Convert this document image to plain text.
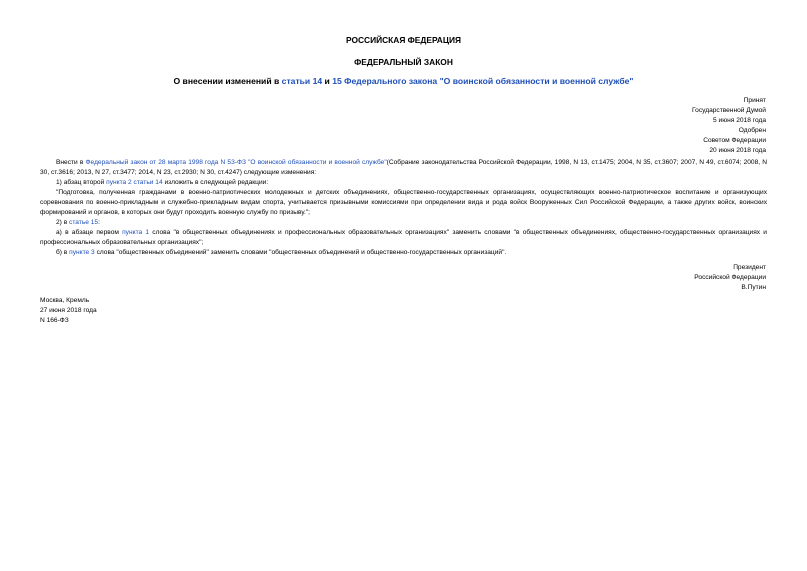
РОССИЙСКАЯ ФЕДЕРАЦИЯ
ФЕДЕРАЛЬНЫЙ ЗАКОН
О внесении изменений в статьи 14 и 15 Федерального закона "О воинской обязанности и военной службе"
Принят
Государственной Думой
5 июня 2018 года
Одобрен
Советом Федерации
20 июня 2018 года

Внести в Федеральный закон от 28 марта 1998 года N 53-ФЗ "О воинской обязанности и военной службе"(Собрание законодательства Российской Федерации, 1998, N 13, ст.1475; 2004, N 35, ст.3607; 2007, N 49, ст.6074; 2008, N 30, ст.3616; 2013, N 27, ст.3477; 2014, N 23, ст.2930; N 30, ст.4247) следующие изменения:

1) абзац второй пункта 2 статьи 14 изложить в следующей редакции:

"Подготовка, полученная гражданами в военно-патриотических молодежных и детских объединениях, общественно-государственных организациях, осуществляющих военно-патриотическое воспитание и организующих соревнования по военно-прикладным и служебно-прикладным видам спорта, учитывается призывными комиссиями при определении вида и рода войск Вооруженных Сил Российской Федерации, а также других войск, воинских формирований и органов, в которых они будут проходить военную службу по призыву.";

2) в статье 15:

а) в абзаце первом пункта 1 слова "в общественных объединениях и профессиональных образовательных организациях" заменить словами "в общественных объединениях, общественно-государственных организациях и профессиональных образовательных организациях";

б) в пункте 3 слова "общественных объединений" заменить словами "общественных объединений и общественно-государственных организаций".

Президент
Российской Федерации
В.Путин
Москва, Кремль
27 июня 2018 года
N 166-ФЗ
